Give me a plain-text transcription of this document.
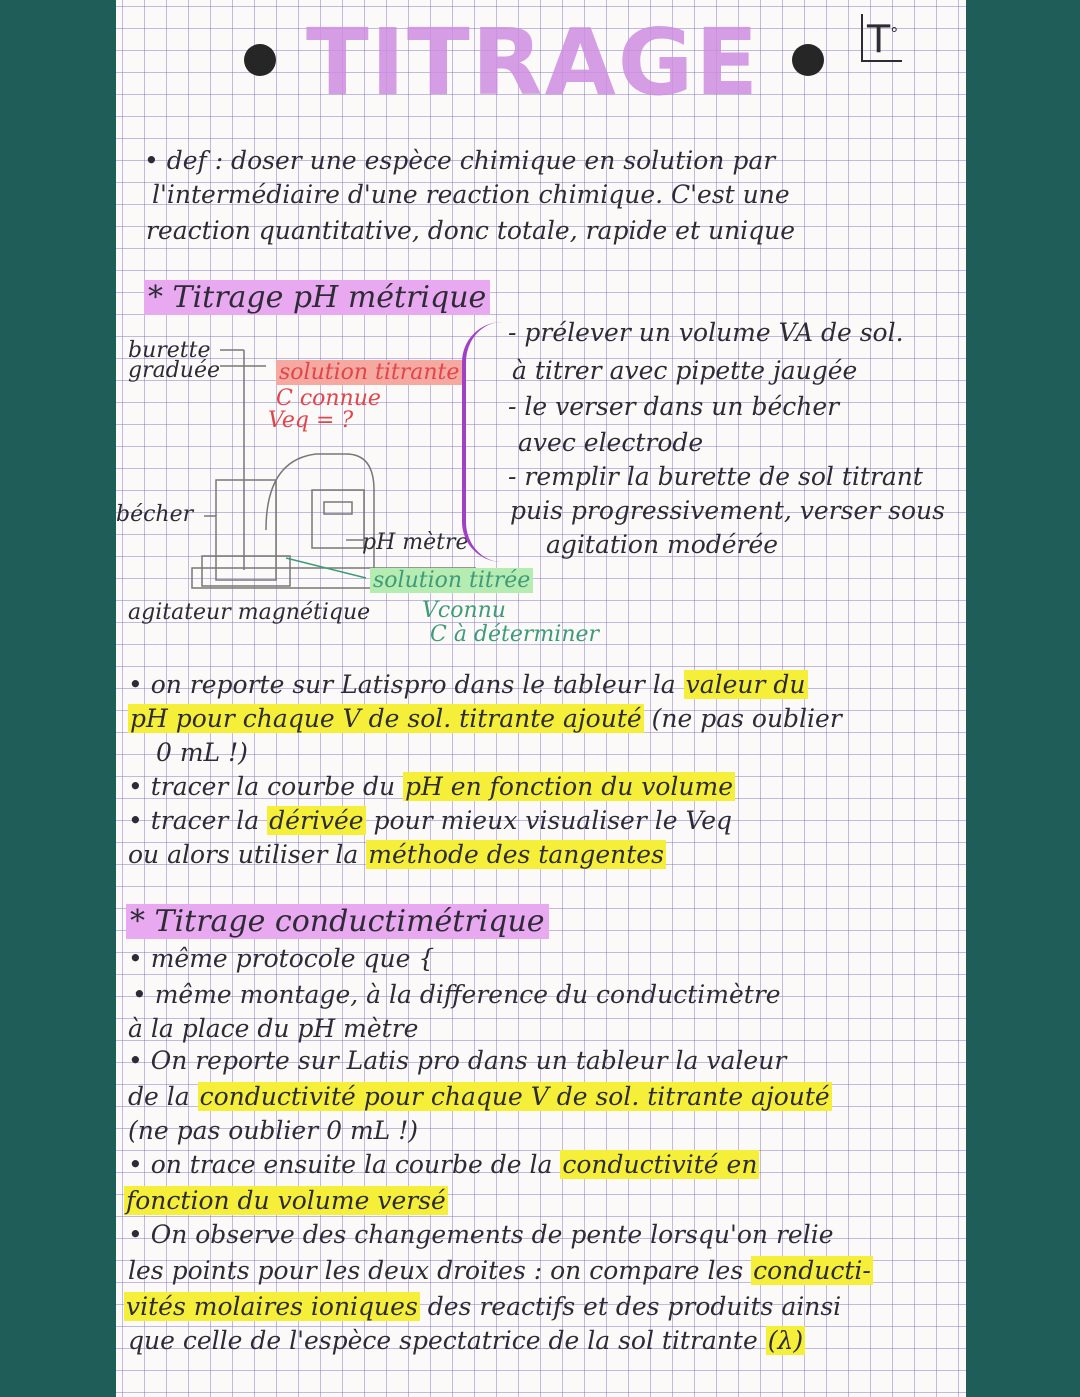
TITRAGE	T°
• def : doser une espèce chimique en solution par
l'intermédiaire d'une reaction chimique. C'est une
reaction quantitative, donc totale, rapide et unique
* Titrage pH métrique
burette
graduée	solution titrante
C connue
Veq = ?
bécher
pH mètre
solution titrée
agitateur magnétique Vconnu
C à déterminer
- prélever un volume VA de sol.
à titrer avec pipette jaugée
- le verser dans un bécher
avec electrode
- remplir la burette de sol titrant
puis progressivement, verser sous
agitation modérée
• on reporte sur Latispro dans le tableur la valeur du
pH pour chaque V de sol. titrante ajouté (ne pas oublier
0 mL !)
• tracer la courbe du pH en fonction du volume
• tracer la dérivée pour mieux visualiser le Veq
ou alors utiliser la méthode des tangentes
* Titrage conductimétrique
• même protocole que {
• même montage, à la difference du conductimètre
à la place du pH mètre
• On reporte sur Latis pro dans un tableur la valeur
de la conductivité pour chaque V de sol. titrante ajouté
(ne pas oublier 0 mL !)
• on trace ensuite la courbe de la conductivité en
fonction du volume versé
• On observe des changements de pente lorsqu'on relie
les points pour les deux droites : on compare les conducti-
vités molaires ioniques des reactifs et des produits ainsi
que celle de l'espèce spectatrice de la sol titrante (λ)
